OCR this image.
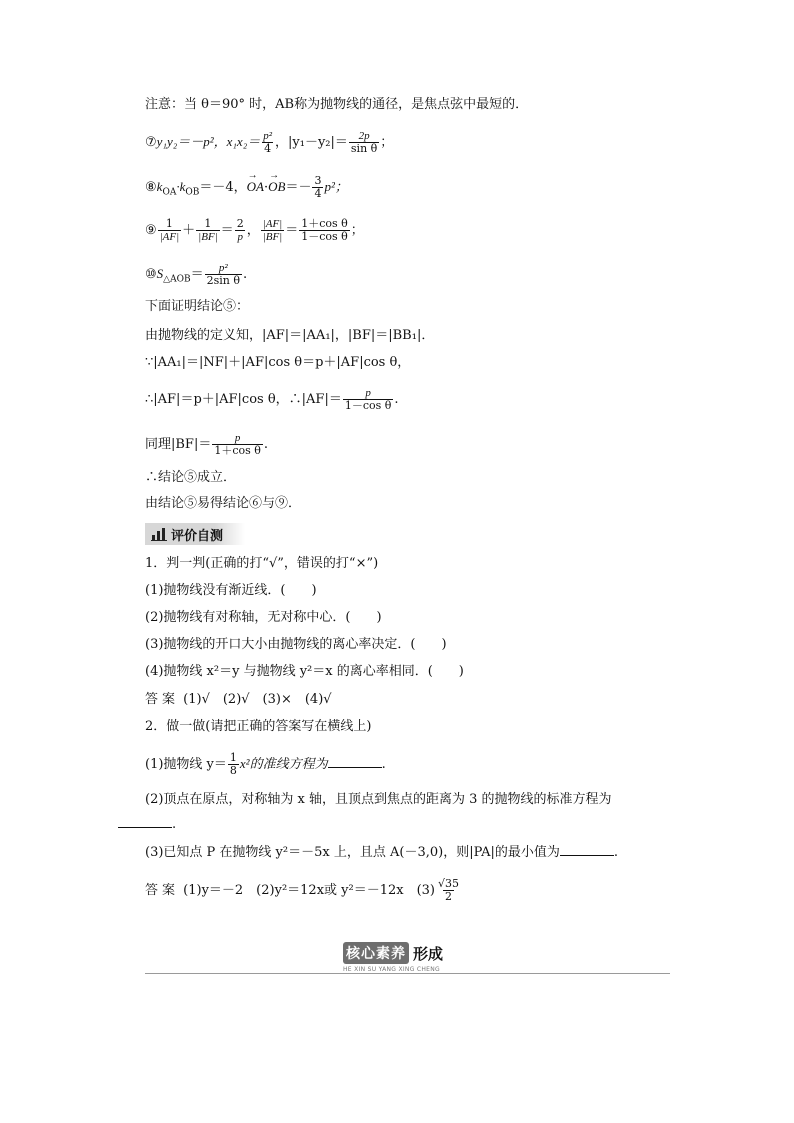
注意：当 θ＝90° 时，AB称为抛物线的通径，是焦点弦中最短的．
⑦y₁y₂＝－p²，$x_1x_2= \frac{\text{p²}}{4}$ ，$|y_1-y_2|= \frac{2p}{\text{sin θ}}$ ；
$⑧k_{OA}\cdot k_{OB}=-4$，→ $OA\cdot\to OB=- \frac{3}{4} p^2$；
⑨ $\frac{1}{|AF|} + \frac{1}{|BF|} = \frac{2}{p}$ ， $\frac{|AF|}{|BF|} = \frac{\text{1＋cos θ}}{\text{1－cos θ}}$ ；
$⑩S_{\triangle AOB}= \frac{\text{p²}}{\text{2sin θ}}$ .
下面证明结论⑤：
由抛物线的定义知，|AF|＝|AA₁|，|BF|＝|BB₁|．
∵|AA₁|＝|NF|＋|AF|cos θ＝p＋|AF|cos θ，
∴|AF|＝p＋|AF|cos θ，∴|AF|＝ $\frac{p}{\text{1－cos θ}}$ .
同理$|BF|= \frac{p}{\text{1＋cos θ}}$ .
∴结论⑤成立．
由结论⑤易得结论⑥与⑨．
评价自测
1．判一判(正确的打“√”，错误的打“×”)
(1)抛物线没有渐近线．(　　)
(2)抛物线有对称轴，无对称中心．(　　)
(3)抛物线的开口大小由抛物线的离心率决定．(　　)
(4)抛物线 x²＝y 与抛物线 y²＝x 的离心率相同．(　　)
答案 (1)√　(2)√　(3)×　(4)√
2．做一做(请把正确的答案写在横线上)
(1)抛物线 $y= \frac{1}{8} x^2$的准线方程为	.
(2)顶点在原点，对称轴为 x 轴，且顶点到焦点的距离为 3 的抛物线的标准方程为
.
(3)已知点 P 在抛物线 y²＝－5x 上，且点 A(－3,0)，则|PA|的最小值为	.
答案 (1)y＝－2　(2)y²＝12x或 y²＝－12x　$(3) \frac{√35}{2}$
核心素养 形成
HE XIN SU YANG XING CHENG
